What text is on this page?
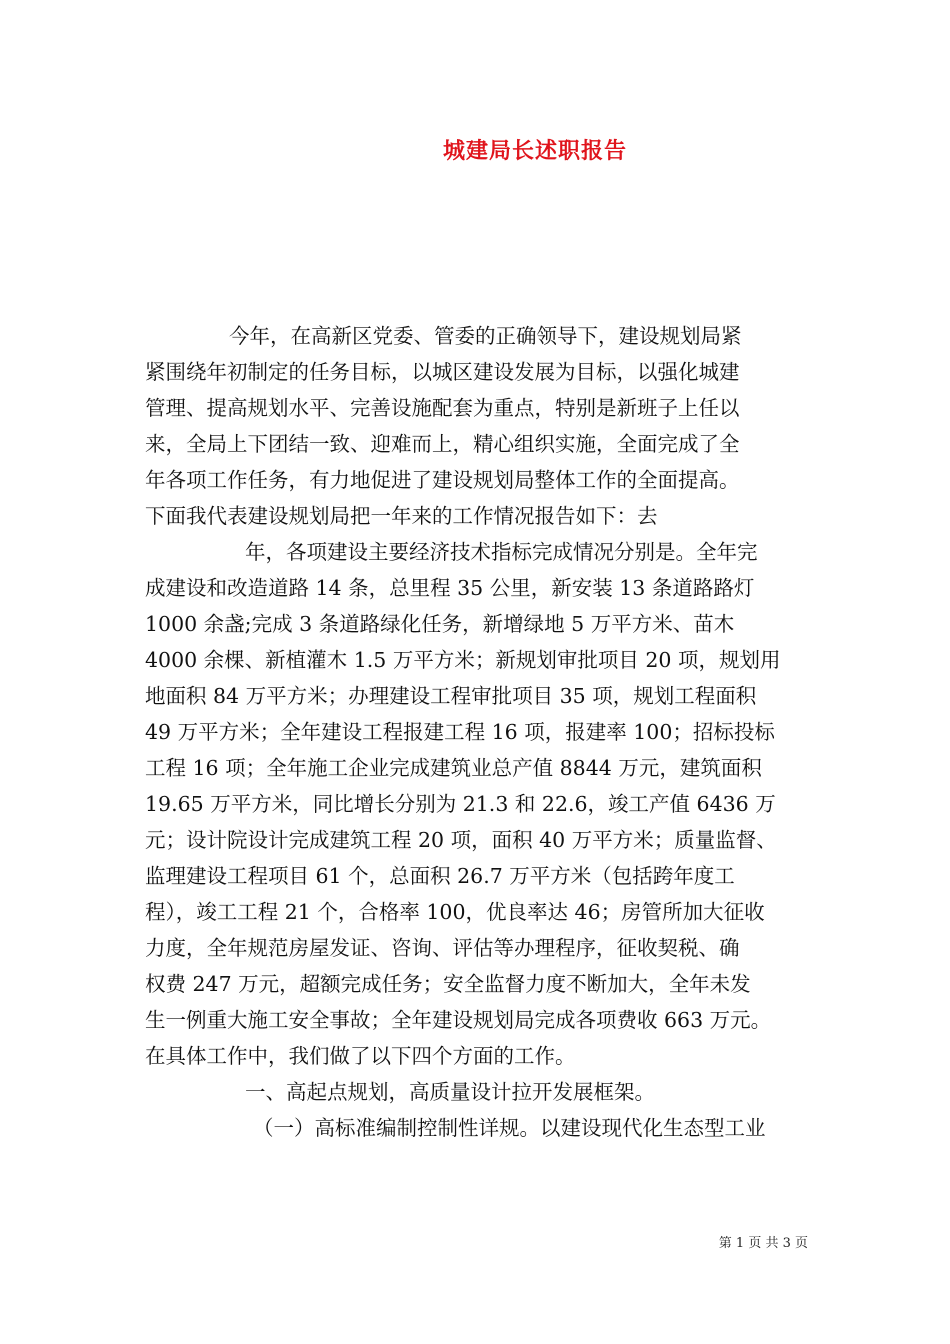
城建局长述职报告
今年，在高新区党委、管委的正确领导下，建设规划局紧
紧围绕年初制定的任务目标，以城区建设发展为目标，以强化城建
管理、提高规划水平、完善设施配套为重点，特别是新班子上任以
来，全局上下团结一致、迎难而上，精心组织实施，全面完成了全
年各项工作任务，有力地促进了建设规划局整体工作的全面提高。
下面我代表建设规划局把一年来的工作情况报告如下：去
年，各项建设主要经济技术指标完成情况分别是。全年完
成建设和改造道路 14 条，总里程 35 公里，新安装 13 条道路路灯
1000 余盏;完成 3 条道路绿化任务，新增绿地 5 万平方米、苗木
4000 余棵、新植灌木 1.5 万平方米；新规划审批项目 20 项，规划用
地面积 84 万平方米；办理建设工程审批项目 35 项，规划工程面积
49 万平方米；全年建设工程报建工程 16 项，报建率 100；招标投标
工程 16 项；全年施工企业完成建筑业总产值 8844 万元，建筑面积
19.65 万平方米，同比增长分别为 21.3 和 22.6，竣工产值 6436 万
元；设计院设计完成建筑工程 20 项，面积 40 万平方米；质量监督、
监理建设工程项目 61 个，总面积 26.7 万平方米（包括跨年度工
程），竣工工程 21 个，合格率 100，优良率达 46；房管所加大征收
力度，全年规范房屋发证、咨询、评估等办理程序，征收契税、确
权费 247 万元，超额完成任务；安全监督力度不断加大，全年未发
生一例重大施工安全事故；全年建设规划局完成各项费收 663 万元。
在具体工作中，我们做了以下四个方面的工作。
一、高起点规划，高质量设计拉开发展框架。
（一）高标准编制控制性详规。以建设现代化生态型工业
第 1 页 共 3 页
